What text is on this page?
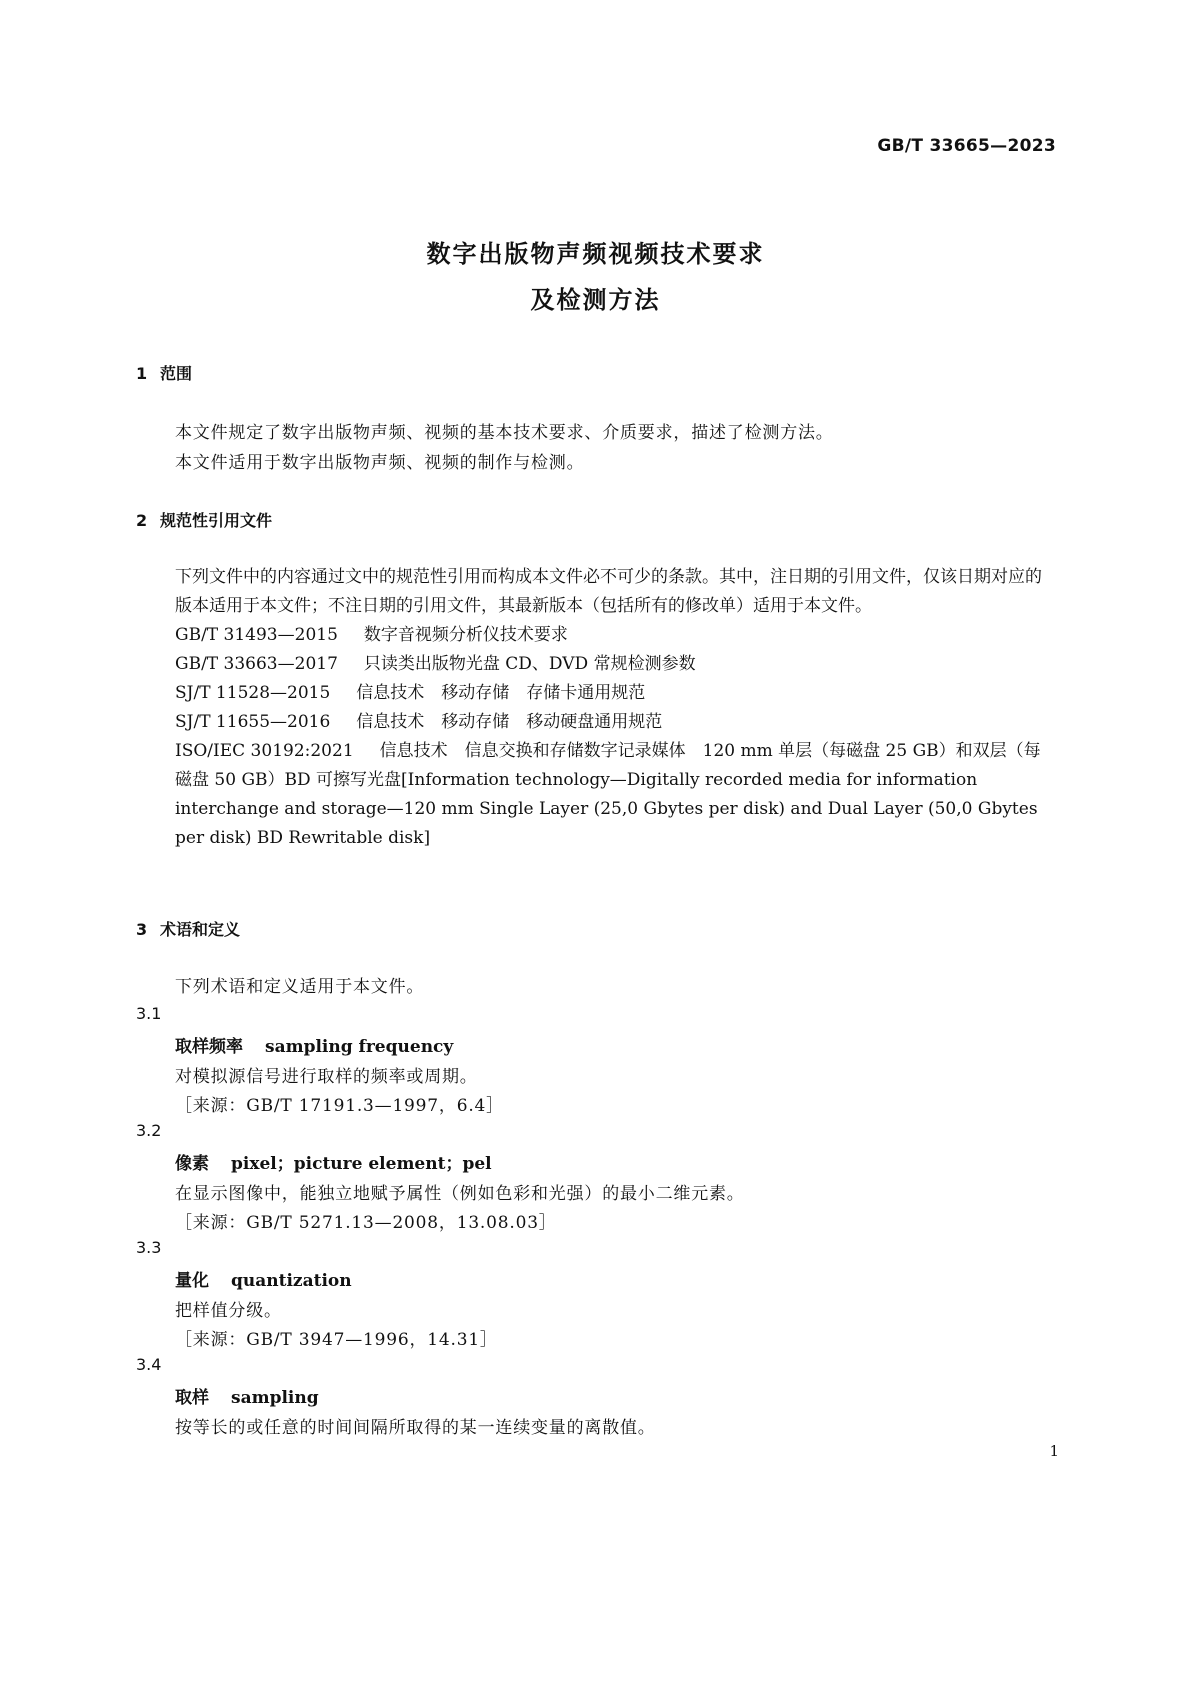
GB/T 33665—2023
数字出版物声频视频技术要求
及检测方法
1 范围
本文件规定了数字出版物声频、视频的基本技术要求、介质要求，描述了检测方法。
本文件适用于数字出版物声频、视频的制作与检测。
2 规范性引用文件
下列文件中的内容通过文中的规范性引用而构成本文件必不可少的条款。其中，注日期的引用文件，仅该日期对应的版本适用于本文件；不注日期的引用文件，其最新版本（包括所有的修改单）适用于本文件。
GB/T 31493—2015 数字音视频分析仪技术要求
GB/T 33663—2017 只读类出版物光盘 CD、DVD 常规检测参数
SJ/T 11528—2015 信息技术　移动存储　存储卡通用规范
SJ/T 11655—2016 信息技术　移动存储　移动硬盘通用规范
ISO/IEC 30192:2021 信息技术　信息交换和存储数字记录媒体　120 mm 单层（每磁盘 25 GB）和双层（每磁盘 50 GB）BD 可擦写光盘[Information technology—Digitally recorded media for information interchange and storage—120 mm Single Layer (25,0 Gbytes per disk) and Dual Layer (50,0 Gbytes per disk) BD Rewritable disk]
3 术语和定义
下列术语和定义适用于本文件。
3.1
取样频率 sampling frequency
对模拟源信号进行取样的频率或周期。
［来源：GB/T 17191.3—1997，6.4］
3.2
像素 pixel；picture element；pel
在显示图像中，能独立地赋予属性（例如色彩和光强）的最小二维元素。
［来源：GB/T 5271.13—2008，13.08.03］
3.3
量化 quantization
把样值分级。
［来源：GB/T 3947—1996，14.31］
3.4
取样 sampling
按等长的或任意的时间间隔所取得的某一连续变量的离散值。
1
